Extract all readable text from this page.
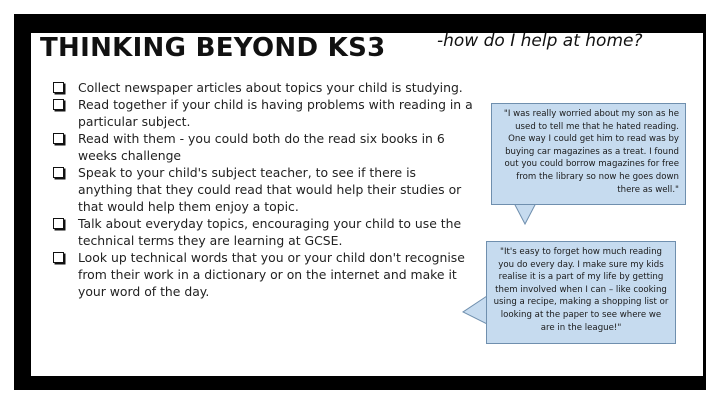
THINKING BEYOND KS3	-how do I help at home?

Collect newspaper articles about topics your child is studying.
Read together if your child is having problems with reading in a particular subject.
Read with them - you could both do the read six books in 6 weeks challenge
Speak to your child's subject teacher, to see if there is anything that they could read that would help their studies or that would help them enjoy a topic.
Talk about everyday topics, encouraging your child to use the technical terms they are learning at GCSE.
Look up technical words that you or your child don't recognise from their work in a dictionary or on the internet and make it your word of the day.
"I was really worried about my son as he used to tell me that he hated reading. One way I could get him to read was by buying car magazines as a treat. I found out you could borrow magazines for free from the library so now he goes down there as well."
"It's easy to forget how much reading you do every day. I make sure my kids realise it is a part of my life by getting them involved when I can – like cooking using a recipe, making a shopping list or looking at the paper to see where we are in the league!"
